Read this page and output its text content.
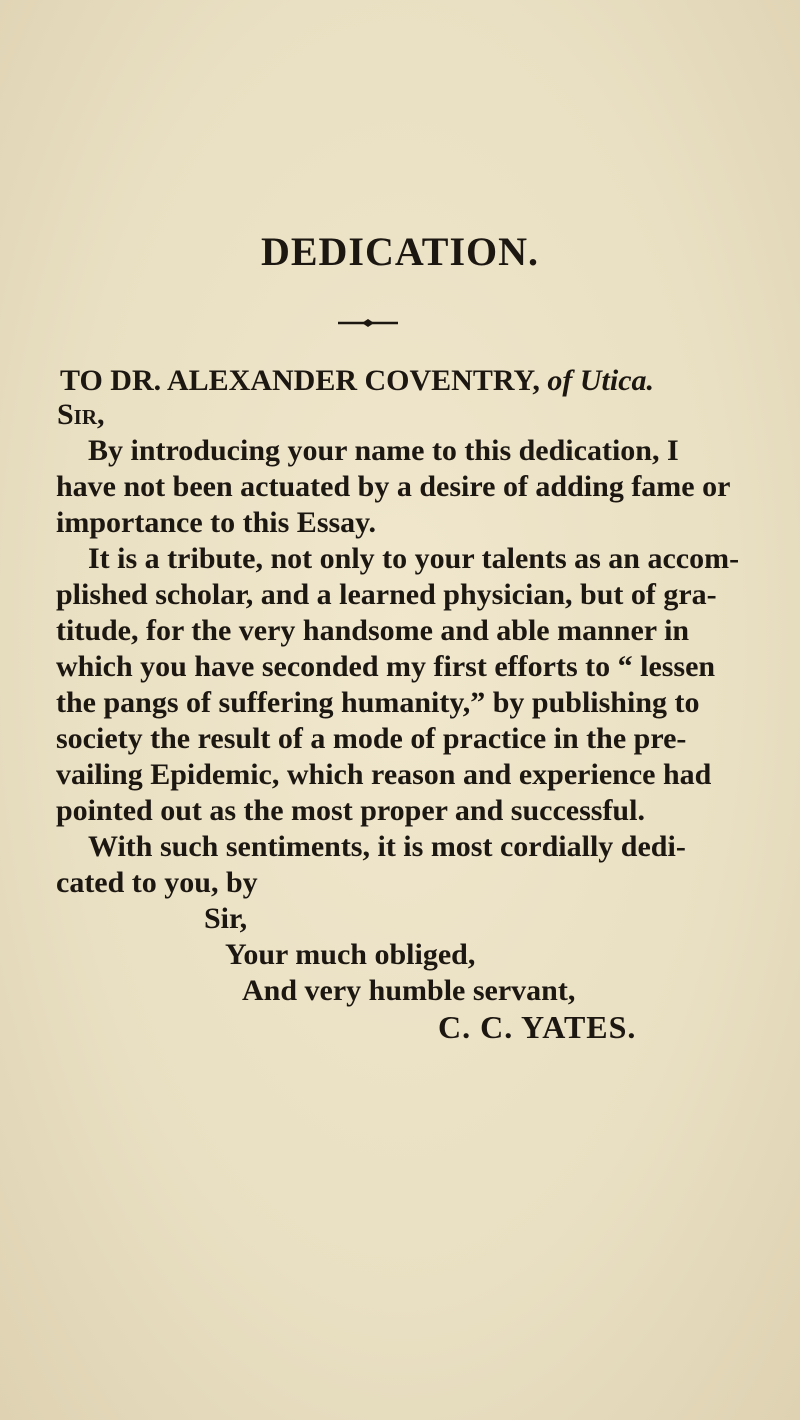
DEDICATION.
TO DR. ALEXANDER COVENTRY, of Utica.
Sir,
By introducing your name to this dedication, I
have not been actuated by a desire of adding fame or
importance to this Essay.
It is a tribute, not only to your talents as an accom-
plished scholar, and a learned physician, but of gra-
titude, for the very handsome and able manner in
which you have seconded my first efforts to “ lessen
the pangs of suffering humanity,” by publishing to
society the result of a mode of practice in the pre-
vailing Epidemic, which reason and experience had
pointed out as the most proper and successful.
With such sentiments, it is most cordially dedi-
cated to you, by
Sir,
Your much obliged,
And very humble servant,
C. C. YATES.
